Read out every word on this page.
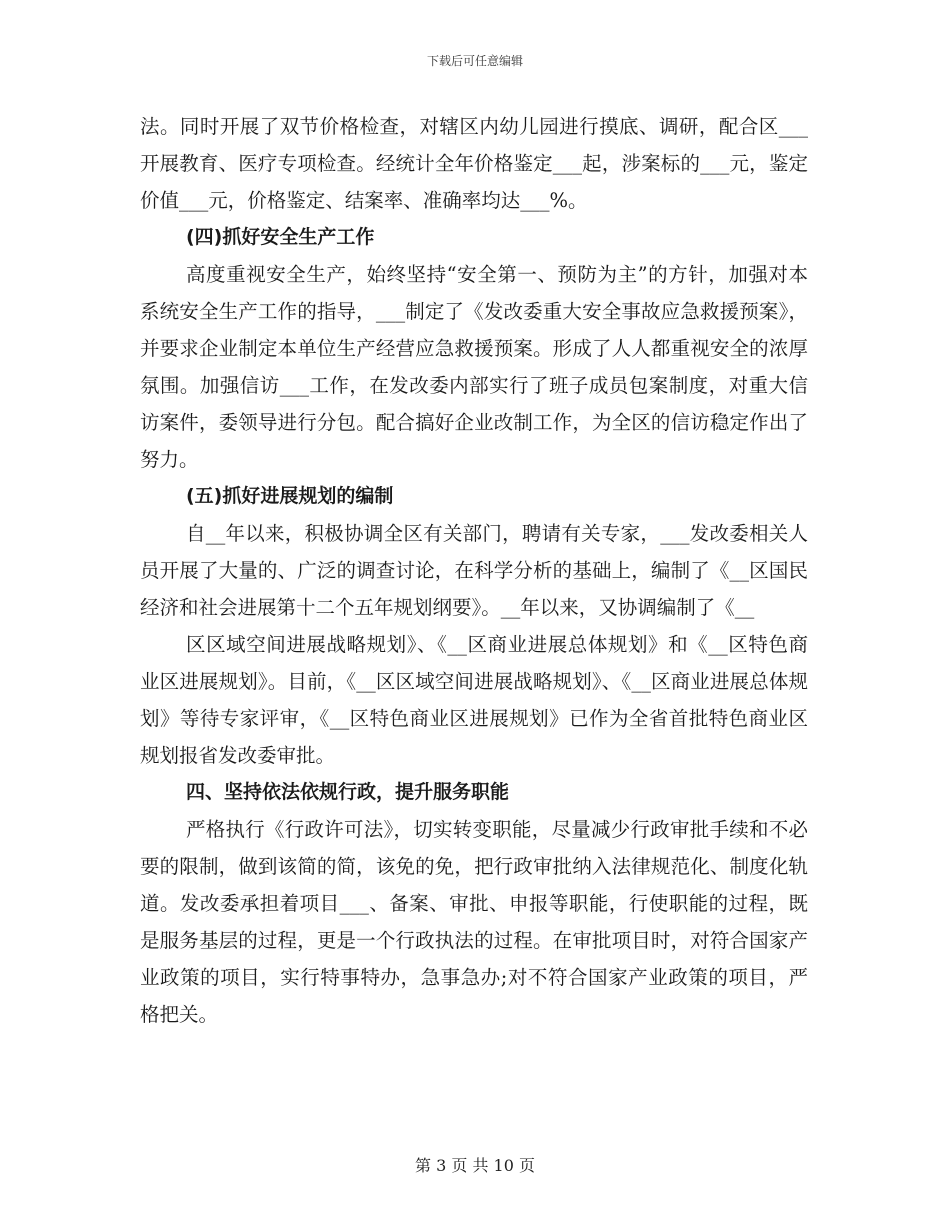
下载后可任意编辑

法。同时开展了双节价格检查，对辖区内幼儿园进行摸底、调研，配合区___开展教育、医疗专项检查。经统计全年价格鉴定___起，涉案标的___元，鉴定价值___元，价格鉴定、结案率、准确率均达___%。

(四)抓好安全生产工作

高度重视安全生产，始终坚持“安全第一、预防为主”的方针，加强对本系统安全生产工作的指导，___制定了《发改委重大安全事故应急救援预案》，并要求企业制定本单位生产经营应急救援预案。形成了人人都重视安全的浓厚氛围。加强信访___工作，在发改委内部实行了班子成员包案制度，对重大信访案件，委领导进行分包。配合搞好企业改制工作，为全区的信访稳定作出了努力。

(五)抓好进展规划的编制

自__年以来，积极协调全区有关部门，聘请有关专家，___发改委相关人员开展了大量的、广泛的调查讨论，在科学分析的基础上，编制了《__区国民经济和社会进展第十二个五年规划纲要》。__年以来，又协调编制了《__

区区域空间进展战略规划》、《__区商业进展总体规划》和《__区特色商业区进展规划》。目前，《__区区域空间进展战略规划》、《__区商业进展总体规划》等待专家评审，《__区特色商业区进展规划》已作为全省首批特色商业区规划报省发改委审批。

四、坚持依法依规行政，提升服务职能

严格执行《行政许可法》，切实转变职能，尽量减少行政审批手续和不必要的限制，做到该简的简，该免的免，把行政审批纳入法律规范化、制度化轨道。发改委承担着项目___、备案、审批、申报等职能，行使职能的过程，既是服务基层的过程，更是一个行政执法的过程。在审批项目时，对符合国家产业政策的项目，实行特事特办，急事急办;对不符合国家产业政策的项目，严格把关。

第 3 页 共 10 页
